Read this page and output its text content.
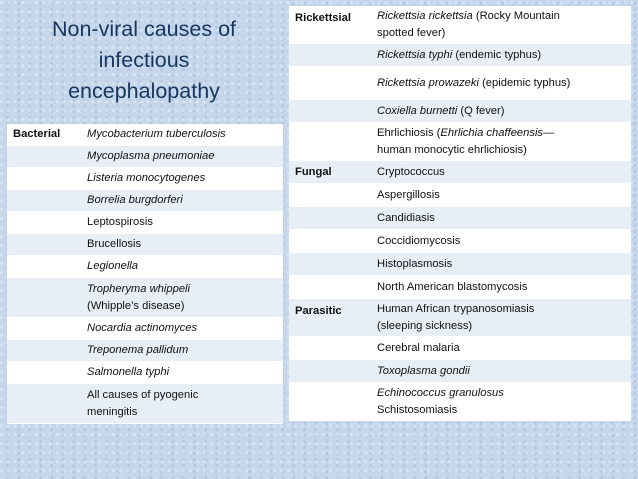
Non-viral causes of
infectious
encephalopathy
Bacterial	Mycobacterium tuberculosis
Mycoplasma pneumoniae
Listeria monocytogenes
Borrelia burgdorferi
Leptospirosis
Brucellosis
Legionella
Tropheryma whippeli
(Whipple’s disease)
Nocardia actinomyces
Treponema pallidum
Salmonella typhi
All causes of pyogenic
meningitis
Rickettsial	Rickettsia rickettsia (Rocky Mountain
spotted fever)
Rickettsia typhi (endemic typhus)
Rickettsia prowazeki (epidemic typhus)
Coxiella burnetti (Q fever)
Ehrlichiosis (Ehrlichia chaffeensis—
human monocytic ehrlichiosis)
Fungal	Cryptococcus
Aspergillosis
Candidiasis
Coccidiomycosis
Histoplasmosis
North American blastomycosis
Parasitic	Human African trypanosomiasis
(sleeping sickness)
Cerebral malaria
Toxoplasma gondii
Echinococcus granulosus
Schistosomiasis
